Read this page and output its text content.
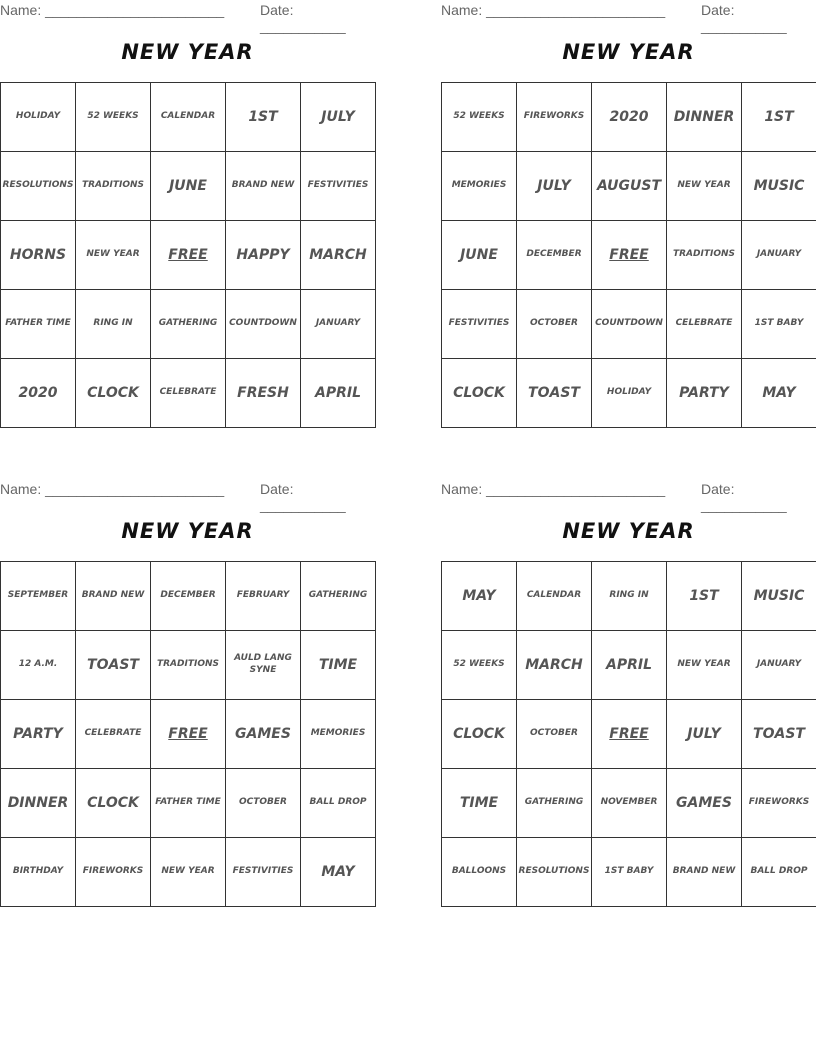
Name: _______________________	Date: ___________
NEW YEAR
HOLIDAY	52 WEEKS	CALENDAR	1ST	JULY
RESOLUTIONS	TRADITIONS	JUNE	BRAND NEW	FESTIVITIES
HORNS	NEW YEAR	FREE	HAPPY	MARCH
FATHER TIME	RING IN	GATHERING	COUNTDOWN	JANUARY
2020	CLOCK	CELEBRATE	FRESH	APRIL
Name: _______________________	Date: ___________
NEW YEAR
52 WEEKS	FIREWORKS	2020	DINNER	1ST
MEMORIES	JULY	AUGUST	NEW YEAR	MUSIC
JUNE	DECEMBER	FREE	TRADITIONS	JANUARY
FESTIVITIES	OCTOBER	COUNTDOWN	CELEBRATE	1ST BABY
CLOCK	TOAST	HOLIDAY	PARTY	MAY
Name: _______________________	Date: ___________
NEW YEAR
SEPTEMBER	BRAND NEW	DECEMBER	FEBRUARY	GATHERING
12 A.M.	TOAST	TRADITIONS	AULD LANG SYNE	TIME
PARTY	CELEBRATE	FREE	GAMES	MEMORIES
DINNER	CLOCK	FATHER TIME	OCTOBER	BALL DROP
BIRTHDAY	FIREWORKS	NEW YEAR	FESTIVITIES	MAY
Name: _______________________	Date: ___________
NEW YEAR
MAY	CALENDAR	RING IN	1ST	MUSIC
52 WEEKS	MARCH	APRIL	NEW YEAR	JANUARY
CLOCK	OCTOBER	FREE	JULY	TOAST
TIME	GATHERING	NOVEMBER	GAMES	FIREWORKS
BALLOONS	RESOLUTIONS	1ST BABY	BRAND NEW	BALL DROP
